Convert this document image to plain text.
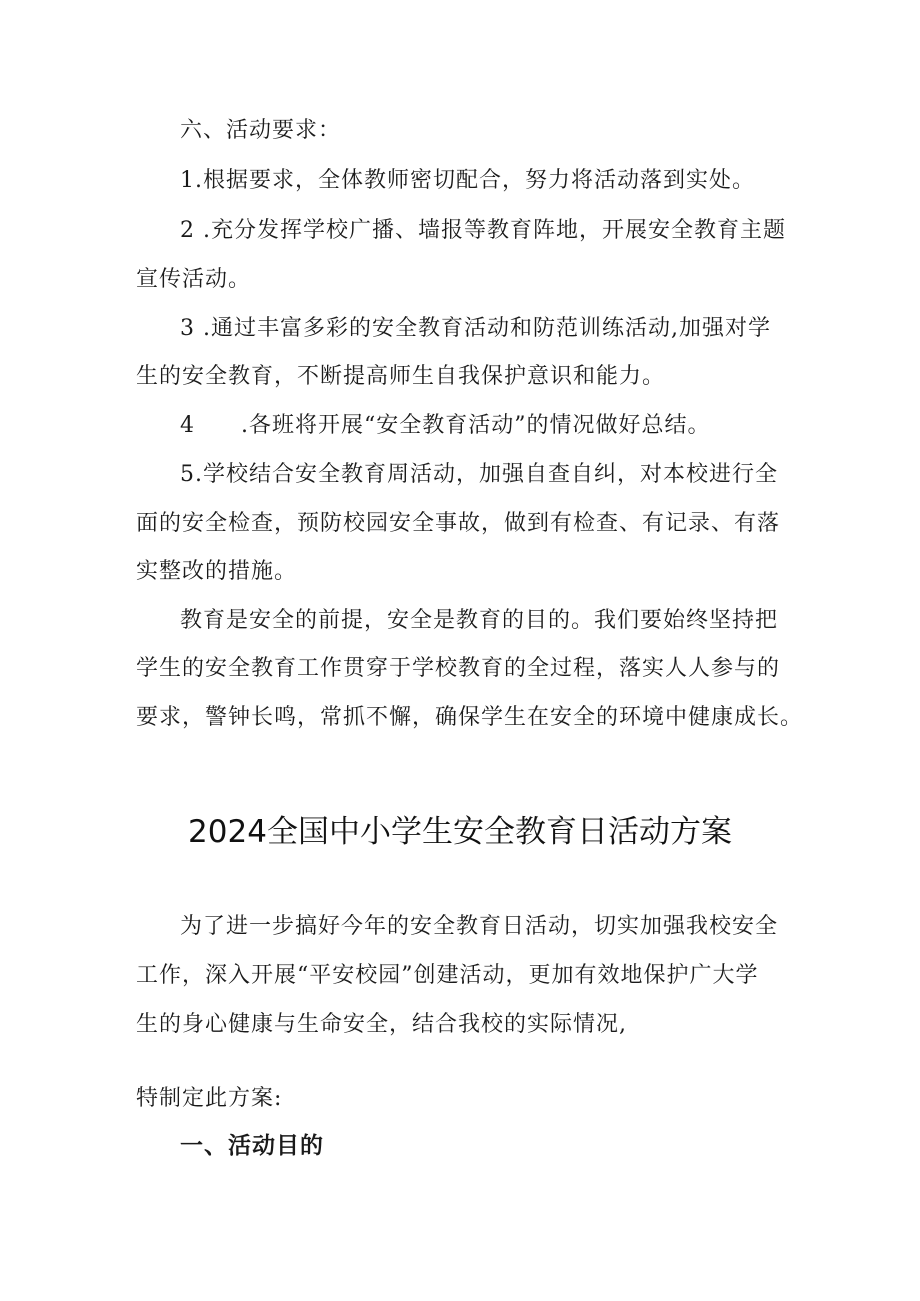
六、活动要求：

1.根据要求，全体教师密切配合，努力将活动落到实处。

2 .充分发挥学校广播、墙报等教育阵地，开展安全教育主题

宣传活动。

3 .通过丰富多彩的安全教育活动和防范训练活动,加强对学

生的安全教育，不断提高师生自我保护意识和能力。

4　　.各班将开展“安全教育活动”的情况做好总结。

5.学校结合安全教育周活动，加强自查自纠，对本校进行全

面的安全检查，预防校园安全事故，做到有检查、有记录、有落

实整改的措施。

教育是安全的前提，安全是教育的目的。我们要始终坚持把

学生的安全教育工作贯穿于学校教育的全过程，落实人人参与的

要求，警钟长鸣，常抓不懈，确保学生在安全的环境中健康成长。

2024全国中小学生安全教育日活动方案

为了进一步搞好今年的安全教育日活动，切实加强我校安全

工作，深入开展“平安校园”创建活动，更加有效地保护广大学

生的身心健康与生命安全，结合我校的实际情况,

特制定此方案:

一、活动目的
